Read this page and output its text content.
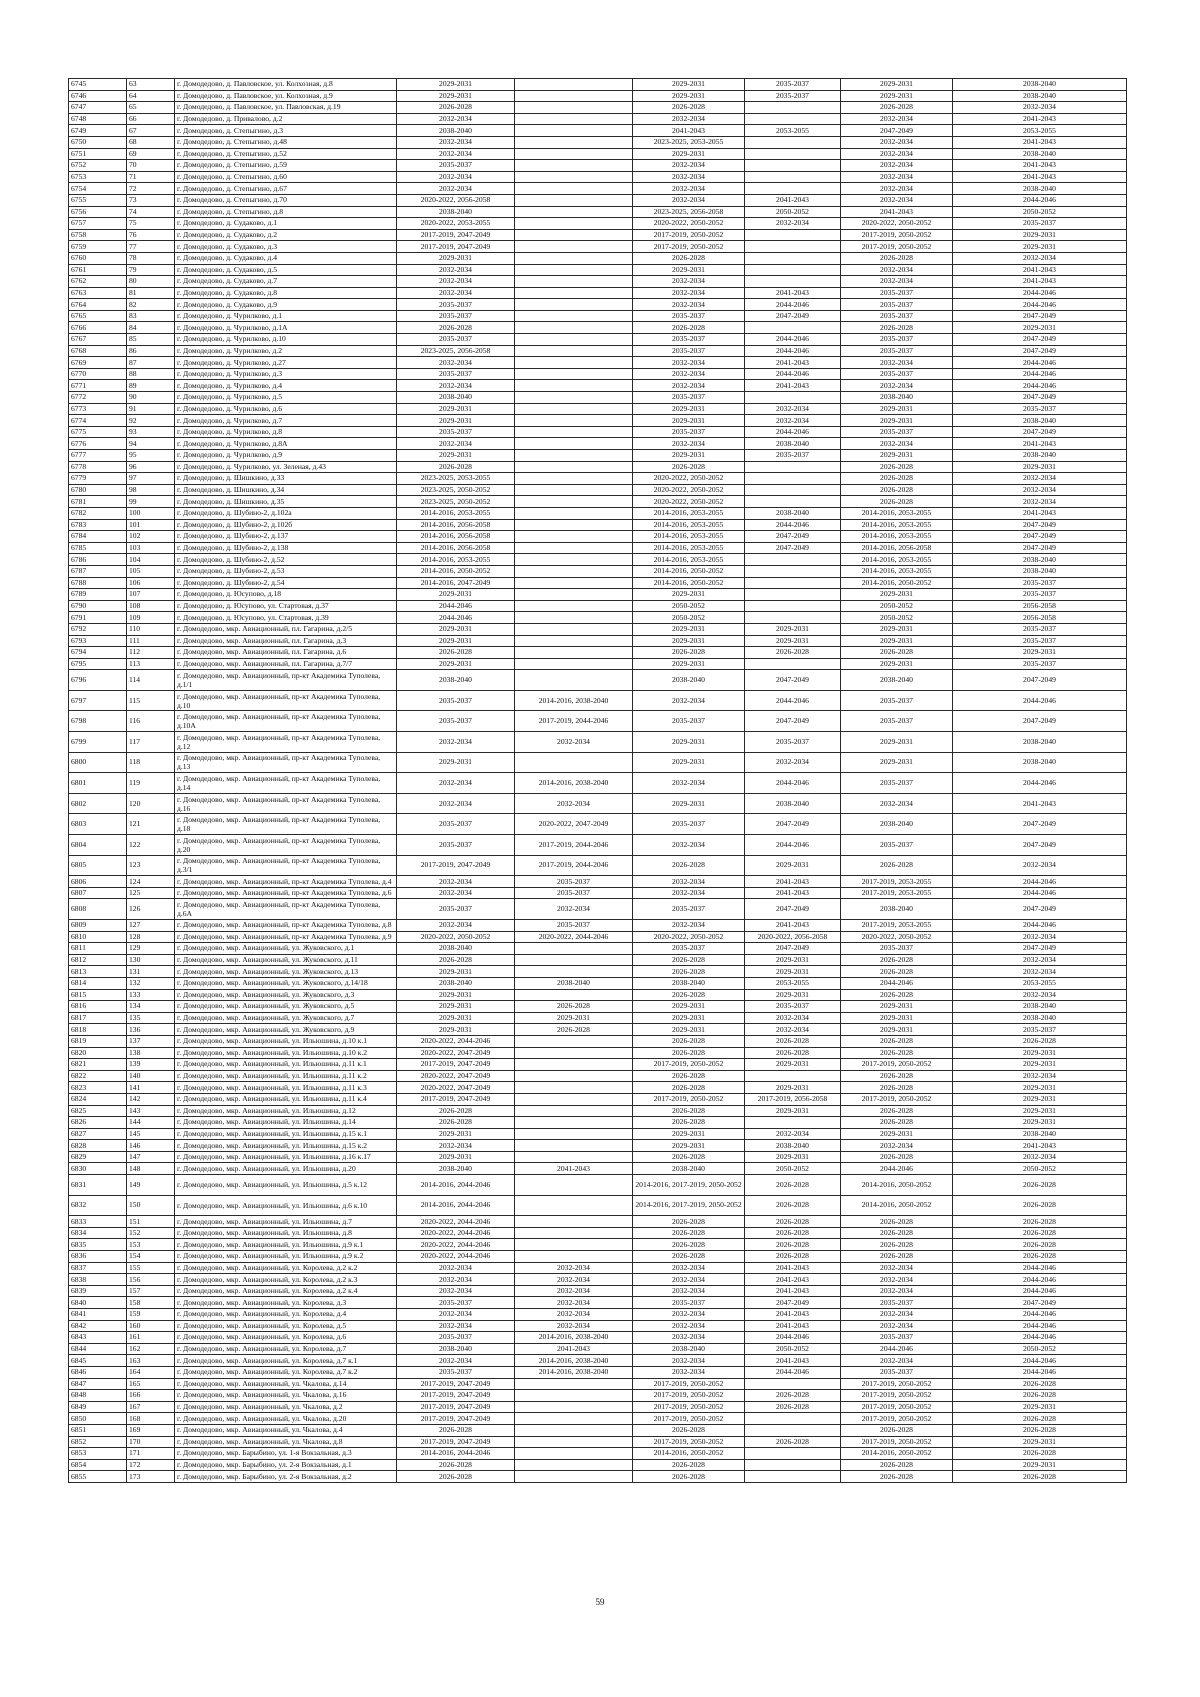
6745	63	г. Домодедово, д. Павловское, ул. Колхозная, д.8	2029-2031		2029-2031	2035-2037	2029-2031	2038-2040
6746	64	г. Домодедово, д. Павловское, ул. Колхозная, д.9	2029-2031		2029-2031	2035-2037	2029-2031	2038-2040
6747	65	г. Домодедово, д. Павловское, ул. Павловская, д.19	2026-2028		2026-2028		2026-2028	2032-2034
6748	66	г. Домодедово, д. Привалово, д.2	2032-2034		2032-2034		2032-2034	2041-2043
6749	67	г. Домодедово, д. Степыгино, д.3	2038-2040		2041-2043	2053-2055	2047-2049	2053-2055
6750	68	г. Домодедово, д. Степыгино, д.48	2032-2034		2023-2025, 2053-2055		2032-2034	2041-2043
6751	69	г. Домодедово, д. Степыгино, д.52	2032-2034		2029-2031		2032-2034	2038-2040
6752	70	г. Домодедово, д. Степыгино, д.59	2035-2037		2032-2034		2032-2034	2041-2043
6753	71	г. Домодедово, д. Степыгино, д.60	2032-2034		2032-2034		2032-2034	2041-2043
6754	72	г. Домодедово, д. Степыгино, д.67	2032-2034		2032-2034		2032-2034	2038-2040
6755	73	г. Домодедово, д. Степыгино, д.70	2020-2022, 2056-2058		2032-2034	2041-2043	2032-2034	2044-2046
6756	74	г. Домодедово, д. Степыгино, д.8	2038-2040		2023-2025, 2056-2058	2050-2052	2041-2043	2050-2052
6757	75	г. Домодедово, д. Судаково, д.1	2020-2022, 2053-2055		2020-2022, 2050-2052	2032-2034	2020-2022, 2050-2052	2035-2037
6758	76	г. Домодедово, д. Судаково, д.2	2017-2019, 2047-2049		2017-2019, 2050-2052		2017-2019, 2050-2052	2029-2031
6759	77	г. Домодедово, д. Судаково, д.3	2017-2019, 2047-2049		2017-2019, 2050-2052		2017-2019, 2050-2052	2029-2031
6760	78	г. Домодедово, д. Судаково, д.4	2029-2031		2026-2028		2026-2028	2032-2034
6761	79	г. Домодедово, д. Судаково, д.5	2032-2034		2029-2031		2032-2034	2041-2043
6762	80	г. Домодедово, д. Судаково, д.7	2032-2034		2032-2034		2032-2034	2041-2043
6763	81	г. Домодедово, д. Судаково, д.8	2032-2034		2032-2034	2041-2043	2035-2037	2044-2046
6764	82	г. Домодедово, д. Судаково, д.9	2035-2037		2032-2034	2044-2046	2035-2037	2044-2046
6765	83	г. Домодедово, д. Чурилково, д.1	2035-2037		2035-2037	2047-2049	2035-2037	2047-2049
6766	84	г. Домодедово, д. Чурилково, д.1А	2026-2028		2026-2028		2026-2028	2029-2031
6767	85	г. Домодедово, д. Чурилково, д.10	2035-2037		2035-2037	2044-2046	2035-2037	2047-2049
6768	86	г. Домодедово, д. Чурилково, д.2	2023-2025, 2056-2058		2035-2037	2044-2046	2035-2037	2047-2049
6769	87	г. Домодедово, д. Чурилково, д.27	2032-2034		2032-2034	2041-2043	2032-2034	2044-2046
6770	88	г. Домодедово, д. Чурилково, д.3	2035-2037		2032-2034	2044-2046	2035-2037	2044-2046
6771	89	г. Домодедово, д. Чурилково, д.4	2032-2034		2032-2034	2041-2043	2032-2034	2044-2046
6772	90	г. Домодедово, д. Чурилково, д.5	2038-2040		2035-2037		2038-2040	2047-2049
6773	91	г. Домодедово, д. Чурилково, д.6	2029-2031		2029-2031	2032-2034	2029-2031	2035-2037
6774	92	г. Домодедово, д. Чурилково, д.7	2029-2031		2029-2031	2032-2034	2029-2031	2038-2040
6775	93	г. Домодедово, д. Чурилково, д.8	2035-2037		2035-2037	2044-2046	2035-2037	2047-2049
6776	94	г. Домодедово, д. Чурилково, д.8А	2032-2034		2032-2034	2038-2040	2032-2034	2041-2043
6777	95	г. Домодедово, д. Чурилково, д.9	2029-2031		2029-2031	2035-2037	2029-2031	2038-2040
6778	96	г. Домодедово, д. Чурилково, ул. Зеленая, д.43	2026-2028		2026-2028		2026-2028	2029-2031
6779	97	г. Домодедово, д. Шишкино, д.33	2023-2025, 2053-2055		2020-2022, 2050-2052		2026-2028	2032-2034
6780	98	г. Домодедово, д. Шишкино, д.34	2023-2025, 2050-2052		2020-2022, 2050-2052		2026-2028	2032-2034
6781	99	г. Домодедово, д. Шишкино, д.35	2023-2025, 2050-2052		2020-2022, 2050-2052		2026-2028	2032-2034
6782	100	г. Домодедово, д. Шубино-2, д.102а	2014-2016, 2053-2055		2014-2016, 2053-2055	2038-2040	2014-2016, 2053-2055	2041-2043
6783	101	г. Домодедово, д. Шубино-2, д.102б	2014-2016, 2056-2058		2014-2016, 2053-2055	2044-2046	2014-2016, 2053-2055	2047-2049
6784	102	г. Домодедово, д. Шубино-2, д.137	2014-2016, 2056-2058		2014-2016, 2053-2055	2047-2049	2014-2016, 2053-2055	2047-2049
6785	103	г. Домодедово, д. Шубино-2, д.138	2014-2016, 2056-2058		2014-2016, 2053-2055	2047-2049	2014-2016, 2056-2058	2047-2049
6786	104	г. Домодедово, д. Шубино-2, д.52	2014-2016, 2053-2055		2014-2016, 2053-2055		2014-2016, 2053-2055	2038-2040
6787	105	г. Домодедово, д. Шубино-2, д.53	2014-2016, 2050-2052		2014-2016, 2050-2052		2014-2016, 2053-2055	2038-2040
6788	106	г. Домодедово, д. Шубино-2, д.54	2014-2016, 2047-2049		2014-2016, 2050-2052		2014-2016, 2050-2052	2035-2037
6789	107	г. Домодедово, д. Юсупово, д.18	2029-2031		2029-2031		2029-2031	2035-2037
6790	108	г. Домодедово, д. Юсупово, ул. Стартовая, д.37	2044-2046		2050-2052		2050-2052	2056-2058
6791	109	г. Домодедово, д. Юсупово, ул. Стартовая, д.39	2044-2046		2050-2052		2050-2052	2056-2058
6792	110	г. Домодедово, мкр. Авиационный, пл. Гагарина, д.2/5	2029-2031		2029-2031	2029-2031	2029-2031	2035-2037
6793	111	г. Домодедово, мкр. Авиационный, пл. Гагарина, д.3	2029-2031		2029-2031	2029-2031	2029-2031	2035-2037
6794	112	г. Домодедово, мкр. Авиационный, пл. Гагарина, д.6	2026-2028		2026-2028	2026-2028	2026-2028	2029-2031
6795	113	г. Домодедово, мкр. Авиационный, пл. Гагарина, д.7/7	2029-2031		2029-2031		2029-2031	2035-2037
6796	114	г. Домодедово, мкр. Авиационный, пр-кт Академика Туполева, д.1/1	2038-2040		2038-2040	2047-2049	2038-2040	2047-2049
6797	115	г. Домодедово, мкр. Авиационный, пр-кт Академика Туполева, д.10	2035-2037	2014-2016, 2038-2040	2032-2034	2044-2046	2035-2037	2044-2046
6798	116	г. Домодедово, мкр. Авиационный, пр-кт Академика Туполева, д.10А	2035-2037	2017-2019, 2044-2046	2035-2037	2047-2049	2035-2037	2047-2049
6799	117	г. Домодедово, мкр. Авиационный, пр-кт Академика Туполева, д.12	2032-2034	2032-2034	2029-2031	2035-2037	2029-2031	2038-2040
6800	118	г. Домодедово, мкр. Авиационный, пр-кт Академика Туполева, д.13	2029-2031		2029-2031	2032-2034	2029-2031	2038-2040
6801	119	г. Домодедово, мкр. Авиационный, пр-кт Академика Туполева, д.14	2032-2034	2014-2016, 2038-2040	2032-2034	2044-2046	2035-2037	2044-2046
6802	120	г. Домодедово, мкр. Авиационный, пр-кт Академика Туполева, д.16	2032-2034	2032-2034	2029-2031	2038-2040	2032-2034	2041-2043
6803	121	г. Домодедово, мкр. Авиационный, пр-кт Академика Туполева, д.18	2035-2037	2020-2022, 2047-2049	2035-2037	2047-2049	2038-2040	2047-2049
6804	122	г. Домодедово, мкр. Авиационный, пр-кт Академика Туполева, д.20	2035-2037	2017-2019, 2044-2046	2032-2034	2044-2046	2035-2037	2047-2049
6805	123	г. Домодедово, мкр. Авиационный, пр-кт Академика Туполева, д.3/1	2017-2019, 2047-2049	2017-2019, 2044-2046	2026-2028	2029-2031	2026-2028	2032-2034
6806	124	г. Домодедово, мкр. Авиационный, пр-кт Академика Туполева, д.4	2032-2034	2035-2037	2032-2034	2041-2043	2017-2019, 2053-2055	2044-2046
6807	125	г. Домодедово, мкр. Авиационный, пр-кт Академика Туполева, д.6	2032-2034	2035-2037	2032-2034	2041-2043	2017-2019, 2053-2055	2044-2046
6808	126	г. Домодедово, мкр. Авиационный, пр-кт Академика Туполева, д.6А	2035-2037	2032-2034	2035-2037	2047-2049	2038-2040	2047-2049
6809	127	г. Домодедово, мкр. Авиационный, пр-кт Академика Туполева, д.8	2032-2034	2035-2037	2032-2034	2041-2043	2017-2019, 2053-2055	2044-2046
6810	128	г. Домодедово, мкр. Авиационный, пр-кт Академика Туполева, д.9	2020-2022, 2050-2052	2020-2022, 2044-2046	2020-2022, 2050-2052	2020-2022, 2056-2058	2020-2022, 2050-2052	2032-2034
6811	129	г. Домодедово, мкр. Авиационный, ул. Жуковского, д.1	2038-2040		2035-2037	2047-2049	2035-2037	2047-2049
6812	130	г. Домодедово, мкр. Авиационный, ул. Жуковского, д.11	2026-2028		2026-2028	2029-2031	2026-2028	2032-2034
6813	131	г. Домодедово, мкр. Авиационный, ул. Жуковского, д.13	2029-2031		2026-2028	2029-2031	2026-2028	2032-2034
6814	132	г. Домодедово, мкр. Авиационный, ул. Жуковского, д.14/18	2038-2040	2038-2040	2038-2040	2053-2055	2044-2046	2053-2055
6815	133	г. Домодедово, мкр. Авиационный, ул. Жуковского, д.3	2029-2031		2026-2028	2029-2031	2026-2028	2032-2034
6816	134	г. Домодедово, мкр. Авиационный, ул. Жуковского, д.5	2029-2031	2026-2028	2029-2031	2035-2037	2029-2031	2038-2040
6817	135	г. Домодедово, мкр. Авиационный, ул. Жуковского, д.7	2029-2031	2029-2031	2029-2031	2032-2034	2029-2031	2038-2040
6818	136	г. Домодедово, мкр. Авиационный, ул. Жуковского, д.9	2029-2031	2026-2028	2029-2031	2032-2034	2029-2031	2035-2037
6819	137	г. Домодедово, мкр. Авиационный, ул. Ильюшина, д.10 к.1	2020-2022, 2044-2046		2026-2028	2026-2028	2026-2028	2026-2028
6820	138	г. Домодедово, мкр. Авиационный, ул. Ильюшина, д.10 к.2	2020-2022, 2047-2049		2026-2028	2026-2028	2026-2028	2029-2031
6821	139	г. Домодедово, мкр. Авиационный, ул. Ильюшина, д.11 к.1	2017-2019, 2047-2049		2017-2019, 2050-2052	2029-2031	2017-2019, 2050-2052	2029-2031
6822	140	г. Домодедово, мкр. Авиационный, ул. Ильюшина, д.11 к.2	2020-2022, 2047-2049		2026-2028		2026-2028	2032-2034
6823	141	г. Домодедово, мкр. Авиационный, ул. Ильюшина, д.11 к.3	2020-2022, 2047-2049		2026-2028	2029-2031	2026-2028	2029-2031
6824	142	г. Домодедово, мкр. Авиационный, ул. Ильюшина, д.11 к.4	2017-2019, 2047-2049		2017-2019, 2050-2052	2017-2019, 2056-2058	2017-2019, 2050-2052	2029-2031
6825	143	г. Домодедово, мкр. Авиационный, ул. Ильюшина, д.12	2026-2028		2026-2028	2029-2031	2026-2028	2029-2031
6826	144	г. Домодедово, мкр. Авиационный, ул. Ильюшина, д.14	2026-2028		2026-2028		2026-2028	2029-2031
6827	145	г. Домодедово, мкр. Авиационный, ул. Ильюшина, д.15 к.1	2029-2031		2029-2031	2032-2034	2029-2031	2038-2040
6828	146	г. Домодедово, мкр. Авиационный, ул. Ильюшина, д.15 к.2	2032-2034		2029-2031	2038-2040	2032-2034	2041-2043
6829	147	г. Домодедово, мкр. Авиационный, ул. Ильюшина, д.16 к.17	2029-2031		2026-2028	2029-2031	2026-2028	2032-2034
6830	148	г. Домодедово, мкр. Авиационный, ул. Ильюшина, д.20	2038-2040	2041-2043	2038-2040	2050-2052	2044-2046	2050-2052
6831	149	г. Домодедово, мкр. Авиационный, ул. Ильюшина, д.5 к.12	2014-2016, 2044-2046		2014-2016, 2017-2019, 2050-2052	2026-2028	2014-2016, 2050-2052	2026-2028
6832	150	г. Домодедово, мкр. Авиационный, ул. Ильюшина, д.6 к.10	2014-2016, 2044-2046		2014-2016, 2017-2019, 2050-2052	2026-2028	2014-2016, 2050-2052	2026-2028
6833	151	г. Домодедово, мкр. Авиационный, ул. Ильюшина, д.7	2020-2022, 2044-2046		2026-2028	2026-2028	2026-2028	2026-2028
6834	152	г. Домодедово, мкр. Авиационный, ул. Ильюшина, д.8	2020-2022, 2044-2046		2026-2028	2026-2028	2026-2028	2026-2028
6835	153	г. Домодедово, мкр. Авиационный, ул. Ильюшина, д.9 к.1	2020-2022, 2044-2046		2026-2028	2026-2028	2026-2028	2026-2028
6836	154	г. Домодедово, мкр. Авиационный, ул. Ильюшина, д.9 к.2	2020-2022, 2044-2046		2026-2028	2026-2028	2026-2028	2026-2028
6837	155	г. Домодедово, мкр. Авиационный, ул. Королева, д.2 к.2	2032-2034	2032-2034	2032-2034	2041-2043	2032-2034	2044-2046
6838	156	г. Домодедово, мкр. Авиационный, ул. Королева, д.2 к.3	2032-2034	2032-2034	2032-2034	2041-2043	2032-2034	2044-2046
6839	157	г. Домодедово, мкр. Авиационный, ул. Королева, д.2 к.4	2032-2034	2032-2034	2032-2034	2041-2043	2032-2034	2044-2046
6840	158	г. Домодедово, мкр. Авиационный, ул. Королева, д.3	2035-2037	2032-2034	2035-2037	2047-2049	2035-2037	2047-2049
6841	159	г. Домодедово, мкр. Авиационный, ул. Королева, д.4	2032-2034	2032-2034	2032-2034	2041-2043	2032-2034	2044-2046
6842	160	г. Домодедово, мкр. Авиационный, ул. Королева, д.5	2032-2034	2032-2034	2032-2034	2041-2043	2032-2034	2044-2046
6843	161	г. Домодедово, мкр. Авиационный, ул. Королева, д.6	2035-2037	2014-2016, 2038-2040	2032-2034	2044-2046	2035-2037	2044-2046
6844	162	г. Домодедово, мкр. Авиационный, ул. Королева, д.7	2038-2040	2041-2043	2038-2040	2050-2052	2044-2046	2050-2052
6845	163	г. Домодедово, мкр. Авиационный, ул. Королева, д.7 к.1	2032-2034	2014-2016, 2038-2040	2032-2034	2041-2043	2032-2034	2044-2046
6846	164	г. Домодедово, мкр. Авиационный, ул. Королева, д.7 к.2	2035-2037	2014-2016, 2038-2040	2032-2034	2044-2046	2035-2037	2044-2046
6847	165	г. Домодедово, мкр. Авиационный, ул. Чкалова, д.14	2017-2019, 2047-2049		2017-2019, 2050-2052		2017-2019, 2050-2052	2026-2028
6848	166	г. Домодедово, мкр. Авиационный, ул. Чкалова, д.16	2017-2019, 2047-2049		2017-2019, 2050-2052	2026-2028	2017-2019, 2050-2052	2026-2028
6849	167	г. Домодедово, мкр. Авиационный, ул. Чкалова, д.2	2017-2019, 2047-2049		2017-2019, 2050-2052	2026-2028	2017-2019, 2050-2052	2029-2031
6850	168	г. Домодедово, мкр. Авиационный, ул. Чкалова, д.20	2017-2019, 2047-2049		2017-2019, 2050-2052		2017-2019, 2050-2052	2026-2028
6851	169	г. Домодедово, мкр. Авиационный, ул. Чкалова, д.4	2026-2028		2026-2028		2026-2028	2026-2028
6852	170	г. Домодедово, мкр. Авиационный, ул. Чкалова, д.8	2017-2019, 2047-2049		2017-2019, 2050-2052	2026-2028	2017-2019, 2050-2052	2029-2031
6853	171	г. Домодедово, мкр. Барыбино, ул. 1-я Вокзальная, д.3	2014-2016, 2044-2046		2014-2016, 2050-2052		2014-2016, 2050-2052	2026-2028
6854	172	г. Домодедово, мкр. Барыбино, ул. 2-я Вокзальная, д.1	2026-2028		2026-2028		2026-2028	2029-2031
6855	173	г. Домодедово, мкр. Барыбино, ул. 2-я Вокзальная, д.2	2026-2028		2026-2028		2026-2028	2026-2028
59
